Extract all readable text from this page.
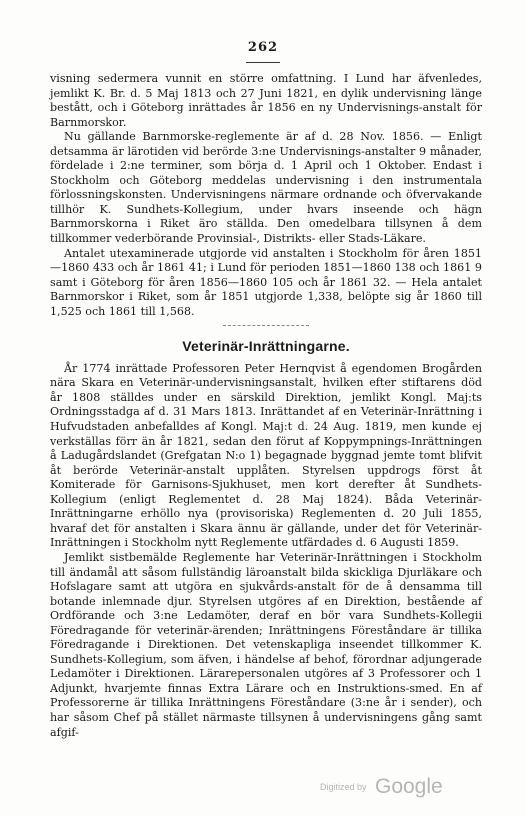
262

visning sedermera vunnit en större omfattning. I Lund har äfvenledes, jemlikt K. Br. d. 5 Maj 1813 och 27 Juni 1821, en dylik undervisning länge bestått, och i Göteborg inrättades år 1856 en ny Undervisnings-anstalt för Barnmorskor.

Nu gällande Barnmorske-reglemente är af d. 28 Nov. 1856. — Enligt detsamma är lärotiden vid berörde 3:ne Undervisnings-anstalter 9 månader, fördelade i 2:ne terminer, som börja d. 1 April och 1 Oktober. Endast i Stockholm och Göteborg meddelas undervisning i den instrumentala förlossningskonsten. Undervisningens närmare ordnande och öfvervakande tillhör K. Sundhets-Kollegium, under hvars inseende och hägn Barnmorskorna i Riket äro ställda. Den omedelbara tillsynen å dem tillkommer vederbörande Provinsial-, Distrikts- eller Stads-Läkare.

Antalet utexaminerade utgjorde vid anstalten i Stockholm för åren 1851—1860 433 och år 1861 41; i Lund för perioden 1851—1860 138 och 1861 9 samt i Göteborg för åren 1856—1860 105 och år 1861 32. — Hela antalet Barnmorskor i Riket, som år 1851 utgjorde 1,338, belöpte sig år 1860 till 1,525 och 1861 till 1,568.

Veterinär-Inrättningarne.

År 1774 inrättade Professoren Peter Hernqvist å egendomen Brogården nära Skara en Veterinär-undervisningsanstalt, hvilken efter stiftarens död år 1808 ställdes under en särskild Direktion, jemlikt Kongl. Maj:ts Ordningsstadga af d. 31 Mars 1813. Inrättandet af en Veterinär-Inrättning i Hufvudstaden anbefalldes af Kongl. Maj:t d. 24 Aug. 1819, men kunde ej verkställas förr än år 1821, sedan den förut af Koppympnings-Inrättningen å Ladugårdslandet (Grefgatan N:o 1) begagnade byggnad jemte tomt blifvit åt berörde Veterinär-anstalt upplåten. Styrelsen uppdrogs först åt Komiterade för Garnisons-Sjukhuset, men kort derefter åt Sundhets-Kollegium (enligt Reglementet d. 28 Maj 1824). Båda Veterinär-Inrättningarne erhöllo nya (provisoriska) Reglementen d. 20 Juli 1855, hvaraf det för anstalten i Skara ännu är gällande, under det för Veterinär-Inrättningen i Stockholm nytt Reglemente utfärdades d. 6 Augusti 1859.

Jemlikt sistbemälde Reglemente har Veterinär-Inrättningen i Stockholm till ändamål att såsom fullständig läroanstalt bilda skickliga Djurläkare och Hofslagare samt att utgöra en sjukvårds-anstalt för de å densamma till botande inlemnade djur. Styrelsen utgöres af en Direktion, bestående af Ordförande och 3:ne Ledamöter, deraf en bör vara Sundhets-Kollegii Föredragande för veterinär-ärenden; Inrättningens Föreståndare är tillika Föredragande i Direktionen. Det vetenskapliga inseendet tillkommer K. Sundhets-Kollegium, som äfven, i händelse af behof, förordnar adjungerade Ledamöter i Direktionen. Lärarepersonalen utgöres af 3 Professorer och 1 Adjunkt, hvarjemte finnas Extra Lärare och en Instruktions-smed. En af Professorerne är tillika Inrättningens Föreståndare (3:ne år i sender), och har såsom Chef på stället närmaste tillsynen å undervisningens gång samt afgif-

Digitized by Google
